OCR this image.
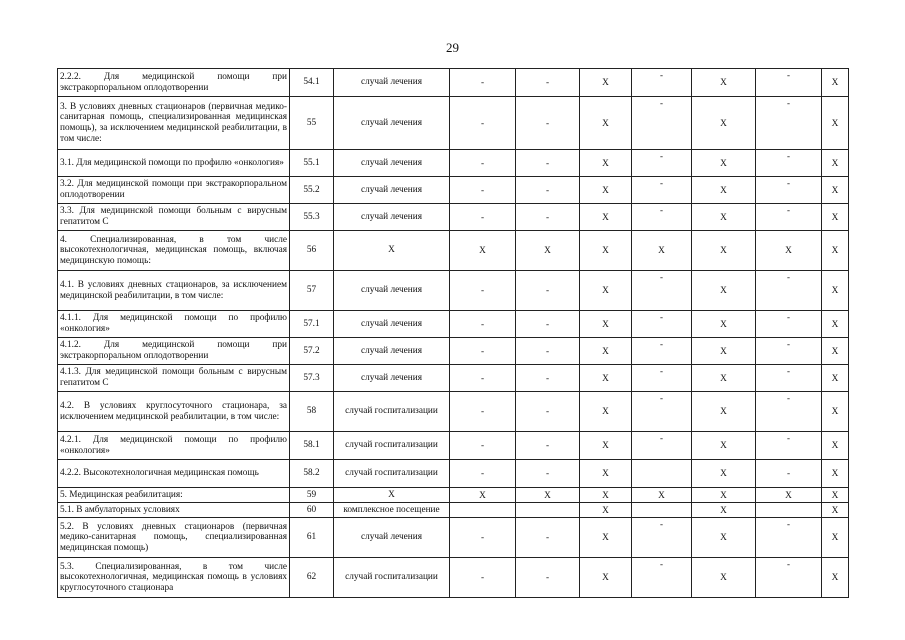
29
2.2.2. Для медицинской помощи при экстракорпоральном оплодотворении	54.1	случай лечения	-	-	X	-	X	-	X
3. В условиях дневных стационаров (первичная медико-санитарная помощь, специализированная медицинская помощь), за исключением медицинской реабилитации, в том числе:	55	случай лечения	-	-	X	-	X	-	X
3.1. Для медицинской помощи по профилю «онкология»	55.1	случай лечения	-	-	X	-	X	-	X
3.2. Для медицинской помощи при экстракорпоральном оплодотворении	55.2	случай лечения	-	-	X	-	X	-	X
3.3. Для медицинской помощи больным с вирусным гепатитом С	55.3	случай лечения	-	-	X	-	X	-	X
4. Специализированная, в том числе высокотехнологичная, медицинская помощь, включая медицинскую помощь:	56	X	X	X	X	X	X	X	X
4.1. В условиях дневных стационаров, за исключением медицинской реабилитации, в том числе:	57	случай лечения	-	-	X	-	X	-	X
4.1.1. Для медицинской помощи по профилю «онкология»	57.1	случай лечения	-	-	X	-	X	-	X
4.1.2. Для медицинской помощи при экстракорпоральном оплодотворении	57.2	случай лечения	-	-	X	-	X	-	X
4.1.3. Для медицинской помощи больным с вирусным гепатитом С	57.3	случай лечения	-	-	X	-	X	-	X
4.2. В условиях круглосуточного стационара, за исключением медицинской реабилитации, в том числе:	58	случай госпитализации	-	-	X	-	X	-	X
4.2.1. Для медицинской помощи по профилю «онкология»	58.1	случай госпитализации	-	-	X	-	X	-	X
4.2.2. Высокотехнологичная медицинская помощь	58.2	случай госпитализации	-	-	X		X	-	X
5. Медицинская реабилитация:	59	X	X	X	X	X	X	X	X
5.1. В амбулаторных условиях	60	комплексное посещение			X		X		X
5.2. В условиях дневных стационаров (первичная медико-санитарная помощь, специализированная медицинская помощь)	61	случай лечения	-	-	X	-	X	-	X
5.3. Специализированная, в том числе высокотехнологичная, медицинская помощь в условиях круглосуточного стационара	62	случай госпитализации	-	-	X	-	X	-	X
